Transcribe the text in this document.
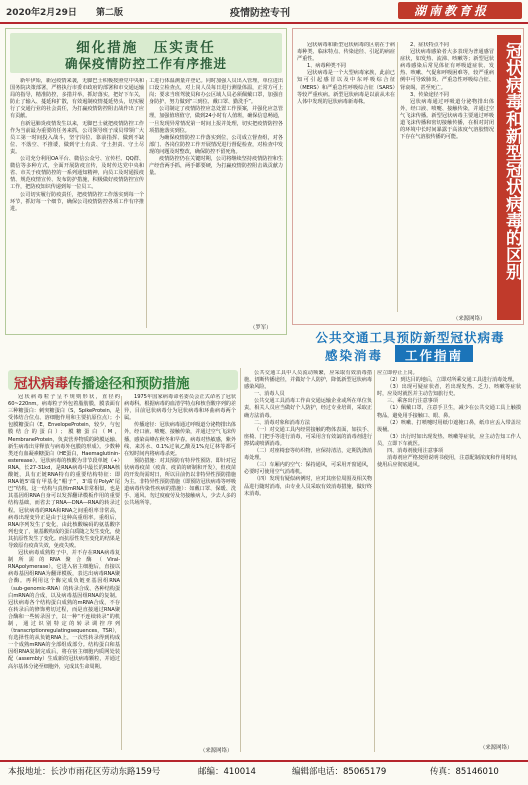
2020年2月29日 第二版	疫情防控专刊	湖南教育报
细化措施　压实责任
确保疫情防控工作有序推进

新年伊始，新冠疫情来袭，无脚巴士积极按照党中央和国务院决策部署，严格执行市委市政府的部署和市交通运输局的指导，精准防控，多措并举，抓好落实，把好下车关，防止了输入、蔓延和扩散，有效遏制疫情蔓延势头，切实履行了交通行业的社会责任，为打赢疫情防控阻击战作出了应有贡献。

自新冠肺炎疫情发生以来，无脚巴士就把疫情防控工作作为当前最为重要的任务来抓，公司领导班子成员带领广大员工第一时间投入战斗，坚守岗位、靠前指挥、做到不缺位、不落空、不推诿，做到守土有责、守土担责、守土尽责。

公司充分利用OA平台、微信公众号、宣传栏、QQ群、微信等多种方式，全面开展防疫宣传，及时传达党中央和省、市关于疫情防控的一系列通知精神，向员工及时通报疫情、规范疫情宣传、发布防护措施，积极做好疫情防控宣传工作，把防疫知识传递到每一位员工。

公司切实履行防疫责任，把疫情防控工作落实到每一个环节，抓好每一个细节，确保公司疫情防控各项工作有序推进。

工进行体温测量并登记。同时加强人员出入管理，单位进出口设立检查点，对上岗人员每日进行测量体温，正常方可上岗；要求当班驾驶员和办公区域人员必须佩戴口罩，加强自身防护，努力做到“三到位、戴口罩、勤洗手”。

公司制定了疫情防控应急处置工作预案，并强化应急管理，加强值班值守，做到24小时有人值班，确保信息畅通，一旦发现异常情况第一时间上报并处理，切实把疫情防控各项措施落实到位。

为确保疫情防控工作落实到位，公司成立督查组，对各部门、各岗位防控工作开展情况进行督促检查，对检查中发现的问题及时整改，确保防控不留死角。

疫情防控仍在关键时期，公司将继续坚持疫情防控和生产经营两手抓，两手都要硬，为打赢疫情防控阻击战贡献力量。

（罗军）

冠状病毒和新型冠状病毒的区别在于病毒种类、临床特点、传染途径、引起的病症严重性。

1、病毒种类不同

冠状病毒是一个大型病毒家族，此前已知可引起感冒以及中东呼吸综合征（MERS）和严重急性呼吸综合征（SARS）等较严重疾病。新型冠状病毒是以前从未在人体中发现的冠状病毒新毒株。

2、症状特点不同

冠状病毒感染者大多表现为普通感冒症状，如发热、流涕、咳嗽等；新型冠状病毒感染后常见体征有呼吸道症状、发热、咳嗽、气促和呼吸困难等，较严重病例中可导致肺炎、严重急性呼吸综合征、肾衰竭，甚至死亡。

3、传染途径不同

冠状病毒通过呼吸道分泌物排出体外，经口液、喷嚏、接触传染，并通过空气飞沫传播。新型冠状病毒主要通过呼吸道飞沫传播和密切接触传播，在相对封闭的环境中长时间暴露于高浓度气溶胶情况下存在气溶胶传播的可能。

（来源网络）
冠状病毒和新型冠状病毒的区别
公共交通工具预防新型冠状病毒
感染消毒	工作指南
冠状病毒传播途径和预防措施

冠状病毒粒子呈不规则形状，直径约60~220nm。病毒粒子外包着脂肪膜，膜表面有三种糖蛋白：刺突糖蛋白（S，SpikeProtein，是受体结合位点、溶细胞作用和主要抗原位点）；小包膜糖蛋白（E，EnvelopeProtein，较少，与包膜结合的蛋白）；膜糖蛋白（M，MembraneProtein，负责营养物质的跨膜运输、新生病毒出芽释放与病毒外包膜的形成）。少数种类还有血凝素糖蛋白（HE蛋白，Haemaglutinin-esterease）。冠状病毒的核酸为非节段单链（+）RNA，长27-31kd，是RNA病毒中最长的RNA核酸链，具有正链RNA特有的重要结构特征：即RNA链5'端有甲基化“帽子”，3'端有PolyA“尾巴”结构。这一结构与真核mRNA非常相似，也是其基因组RNA自身可以发挥翻译模板作用的重要结构基础，而省去了RNA—DNA—RNA的转录过程。冠状病毒的RNA和RNA之间重组率非常高，病毒出现变异正是由于这种高重组率。重组后，RNA序列发生了变化，由此核酸编码的氨基酸序列也变了，氨基酸构成的蛋白质随之发生变化，使其抗原性发生了变化。而抗原性发生变化的结果是导致原有疫苗失效，免疫失败。

冠状病毒成熟粒子中，并不存在RNA病毒复制所需的RNA聚合酶（Viral-RNApolymerase），它进入宿主细胞后，直接以病毒基因组RNA为翻译模板，表达出病毒RNA聚合酶。再利用这个酶完成负链亚基因组RNA（sub-genomic-RNA）的转录合成、各种结构蛋白mRNA的合成，以及病毒基因组RNA的复制。冠状病毒各个结构蛋白成熟的mRNA合成，不存在转录后的修饰剪切过程，而是直接通过RNA聚合酶和一些转录因子，以一种“不连续转录”的机制，通过识别特定的转录调控序列（transcriptionregulatingsequences，TSR），有选择性的从负链RNA上，一次性转录得到构成一个成熟mRNA的全部组成部分。结构蛋白和基因组RNA复制完成后，将在宿主细胞内质网处装配（assembly）生成新的冠状病毒颗粒，并通过高尔基体分泌至细胞外，完成其生命周期。

1975年国家病毒命名委员会正式命名了冠状病毒科。根据病毒的血清学特点和核苷酸序列的差异，目前冠状病毒分为冠状病毒和环曲病毒两个属。

传播途径：冠状病毒通过呼吸道分泌物排出体外，经口液、喷嚏、接触传染，并通过空气飞沫传播，感染高峰在秋冬和早春。病毒对热敏感，紫外线、来苏水、0.1%过氧乙酸及1%克辽林等都可在短时间内将病毒杀死。

预防措施：对其预防有特异性预防、即针对冠状病毒疫苗（疫苗、疫苗的研制和开发），但疫苗的开发尚需时日，所以目前仍以非特异性预防措施为主。非特异性预防措施（即预防冠状病毒等呼吸道病毒传染性疾病的措施）：如戴口罩、保暖、洗手、通风、勿过度疲劳及勿接触病人，少去人多的公共场所等。

（来源网络）

公共交通工具中人员流动频繁，应采取有效消毒措施，切断传播途径，并做好个人防护，降低新型冠状病毒感染风险。

一、消毒人员

公共交通工具消毒工作由交通运输企业或所在单位负责，相关人员应当做好个人防护，经过专业培训，采取正确方法消毒。

二、消毒对象和消毒方法

（一）对交通工具内经常接触的物体表面，如扶手、座椅、门把手等进行消毒，可采用含有效氯的消毒剂进行擦拭或喷洒消毒。

（二）对座椅套等纺织物，应保持清洁，定期洗涤消毒处理。

（三）车厢内的空气：保持通风，可采用开窗通风，必要时可使用空气消毒机。

（四）发现有疑似病例时，应对其座位周围及相关物品进行随时消毒，由专业人员采取有效消毒措施，做好终末消毒。

应立即停止上岗。

（2）到达目的地后，立即对所乘交通工具进行消毒处理。

（3）出现可疑症状者，若出现发热、乏力、咳嗽等症状时，应及时就医并主动告知旅行史。

三、乘客出行注意事项

（1）佩戴口罩，注意手卫生，减少在公共交通工具上触摸物品，避免用手接触口、眼、鼻。

（2）咳嗽、打喷嚏时用纸巾遮掩口鼻，纸巾应丢入带盖垃圾桶。

（3）出行时如出现发热、咳嗽等症状，应主动告知工作人员，立即下车就医。

四、消毒剂使用注意事项

消毒剂应严格按照说明书使用，注意配制浓度和作用时间，使用后应彻底通风。

（来源网络）
本报地址：长沙市雨花区劳动东路159号	邮编：410014	编辑部电话：85065179	传真：85146010
